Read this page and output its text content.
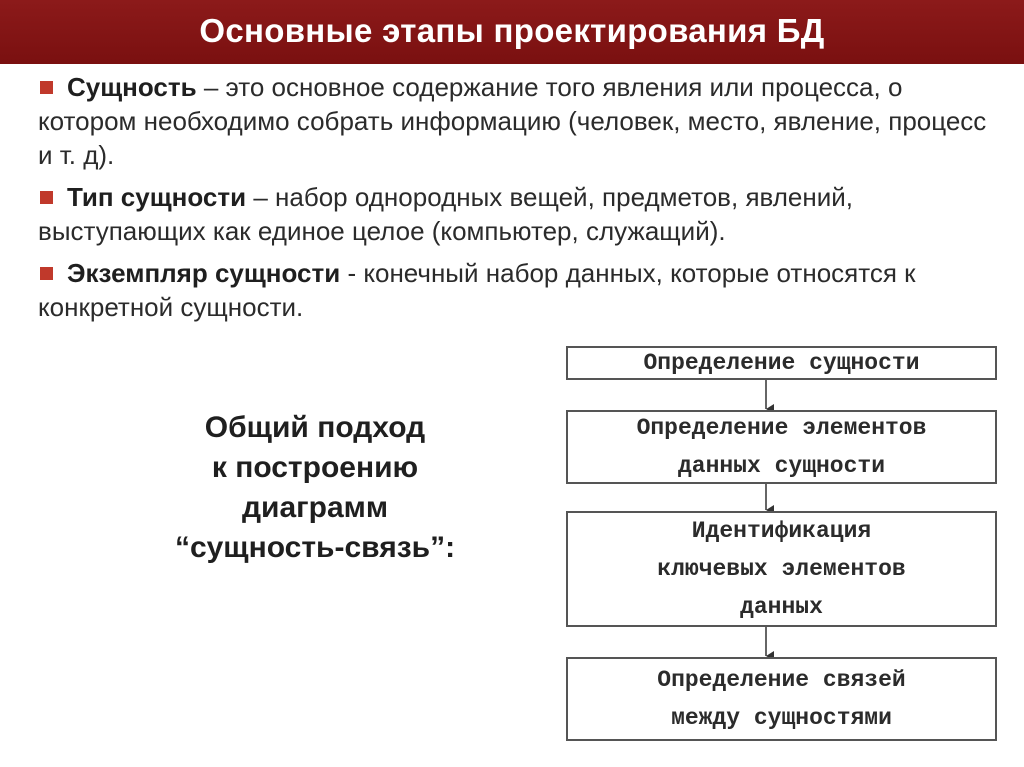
Основные этапы проектирования БД
Сущность – это основное содержание того явления или процесса, о котором необходимо собрать информацию (человек, место, явление, процесс и т. д).
Тип сущности – набор однородных вещей, предметов, явлений, выступающих как единое целое (компьютер, служащий).
Экземпляр сущности - конечный набор данных, которые относятся к конкретной сущности.
Общий подход
к построению
диаграмм
“сущность-связь”:
Определение сущности
Определение элементов
данных сущности
Идентификация
ключевых элементов
данных
Определение связей
между сущностями
